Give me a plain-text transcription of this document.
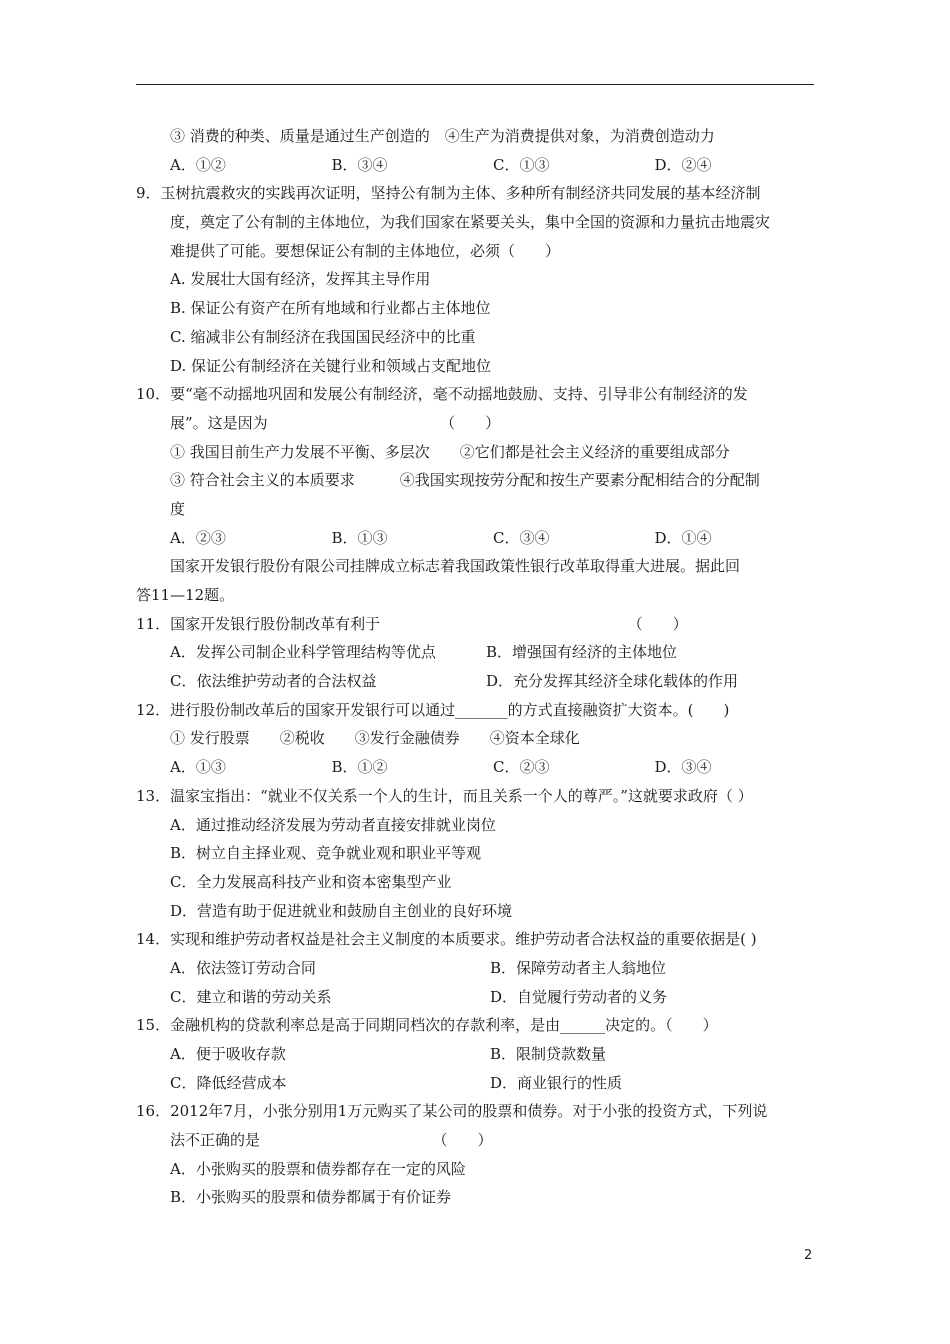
③ 消费的种类、质量是通过生产创造的　④生产为消费提供对象，为消费创造动力
A．①②	B．③④	C．①③	D．②④
9．玉树抗震救灾的实践再次证明，坚持公有制为主体、多种所有制经济共同发展的基本经济制
度，奠定了公有制的主体地位，为我们国家在紧要关头，集中全国的资源和力量抗击地震灾
难提供了可能。要想保证公有制的主体地位，必须（　　）
A. 发展壮大国有经济，发挥其主导作用
B. 保证公有资产在所有地域和行业都占主体地位
C. 缩减非公有制经济在我国国民经济中的比重
D. 保证公有制经济在关键行业和领域占支配地位
10．要“毫不动摇地巩固和发展公有制经济，毫不动摇地鼓励、支持、引导非公有制经济的发
展”。这是因为　　　　　　　　　　　　（　　）
① 我国目前生产力发展不平衡、多层次　　②它们都是社会主义经济的重要组成部分
③ 符合社会主义的本质要求　　　④我国实现按劳分配和按生产要素分配相结合的分配制
度
A．②③	B．①③	C．③④	D．①④
国家开发银行股份有限公司挂牌成立标志着我国政策性银行改革取得重大进展。据此回
答11—12题。
11．国家开发银行股份制改革有利于　　　　　　　　　　　　　　　　　（　　）
A．发挥公司制企业科学管理结构等优点	B．增强国有经济的主体地位
C．依法维护劳动者的合法权益	D．充分发挥其经济全球化载体的作用
12．进行股份制改革后的国家开发银行可以通过_______的方式直接融资扩大资本。(　　)
① 发行股票　　②税收　　③发行金融债券　　④资本全球化
A．①③	B．①②	C．②③	D．③④
13．温家宝指出：“就业不仅关系一个人的生计，而且关系一个人的尊严。”这就要求政府（ ）
A．通过推动经济发展为劳动者直接安排就业岗位
B．树立自主择业观、竞争就业观和职业平等观
C．全力发展高科技产业和资本密集型产业
D．营造有助于促进就业和鼓励自主创业的良好环境
14．实现和维护劳动者权益是社会主义制度的本质要求。维护劳动者合法权益的重要依据是( )
A．依法签订劳动合同	B．保障劳动者主人翁地位
C．建立和谐的劳动关系	D．自觉履行劳动者的义务
15．金融机构的贷款利率总是高于同期同档次的存款利率，是由______决定的。（　　）
A．便于吸收存款	B．限制贷款数量
C．降低经营成本	D．商业银行的性质
16．2012年7月，小张分别用1万元购买了某公司的股票和债券。对于小张的投资方式，下列说
法不正确的是　　　　　　　　　　　　（　　）
A．小张购买的股票和债券都存在一定的风险
B．小张购买的股票和债券都属于有价证券
2
